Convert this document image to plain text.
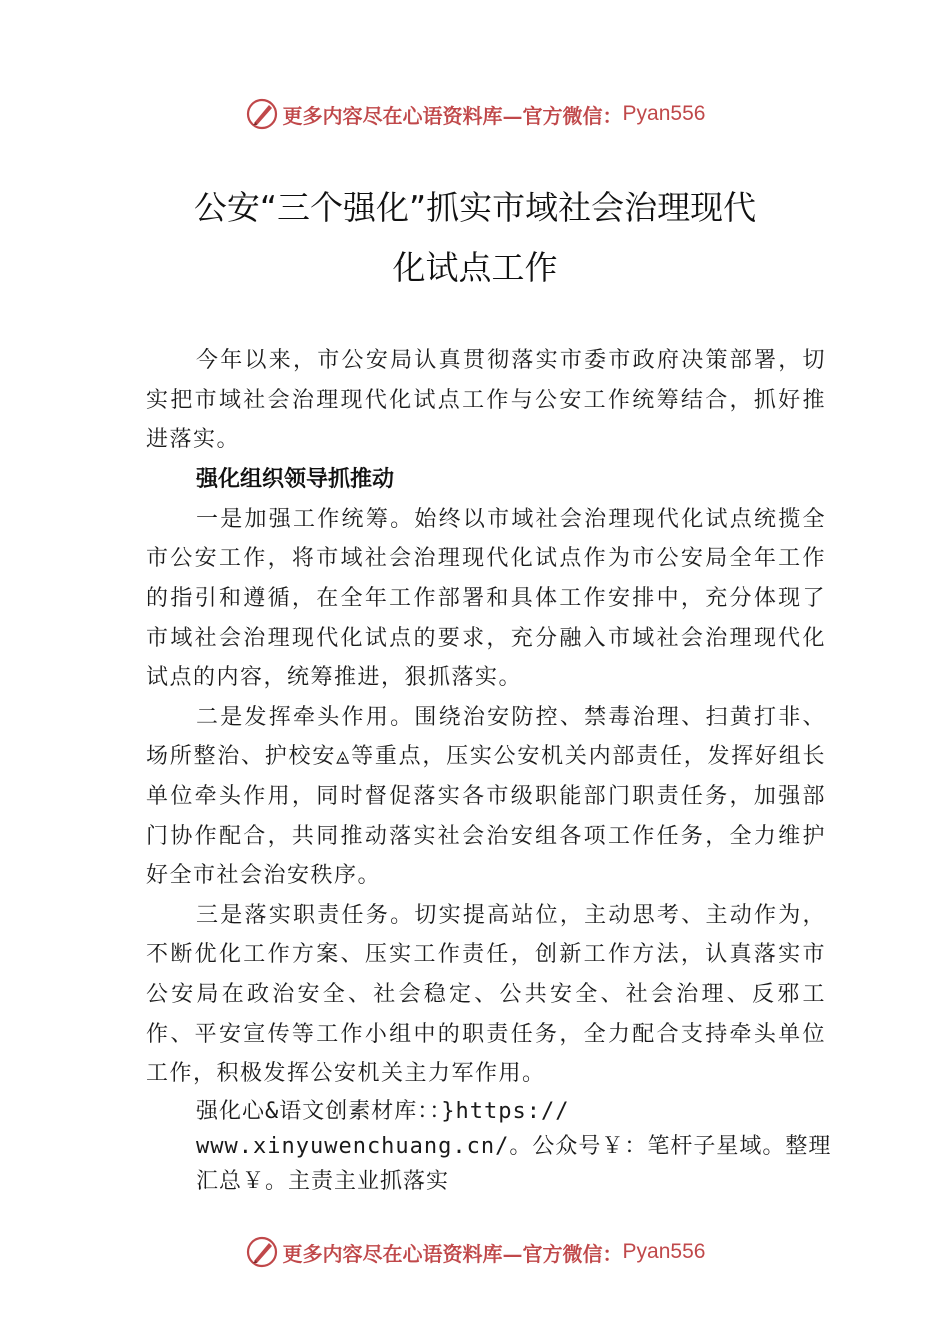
更多内容尽在心语资料库—官方微信： Pyan556
公安“三个强化”抓实市域社会治理现代
化试点工作

今年以来，市公安局认真贯彻落实市委市政府决策部署，切实把市域社会治理现代化试点工作与公安工作统筹结合，抓好推进落实。

强化组织领导抓推动

一是加强工作统筹。始终以市域社会治理现代化试点统揽全市公安工作，将市域社会治理现代化试点作为市公安局全年工作的指引和遵循，在全年工作部署和具体工作安排中，充分体现了市域社会治理现代化试点的要求，充分融入市域社会治理现代化试点的内容，统筹推进，狠抓落实。

二是发挥牵头作用。围绕治安防控、禁毒治理、扫黄打非、场所整治、护校安◬等重点，压实公安机关内部责任，发挥好组长单位牵头作用，同时督促落实各市级职能部门职责任务，加强部门协作配合，共同推动落实社会治安组各项工作任务，全力维护好全市社会治安秩序。

三是落实职责任务。切实提高站位，主动思考、主动作为，不断优化工作方案、压实工作责任，创新工作方法，认真落实市公安局在政治安全、社会稳定、公共安全、社会治理、反邪工作、平安宣传等工作小组中的职责任务，全力配合支持牵头单位工作，积极发挥公安机关主力军作用。

强化心&语文创素材库：：}https://
www.xinyuwenchuang.cn/。公众号￥：笔杆子星域。整理
汇总￥。主责主业抓落实
更多内容尽在心语资料库—官方微信： Pyan556
